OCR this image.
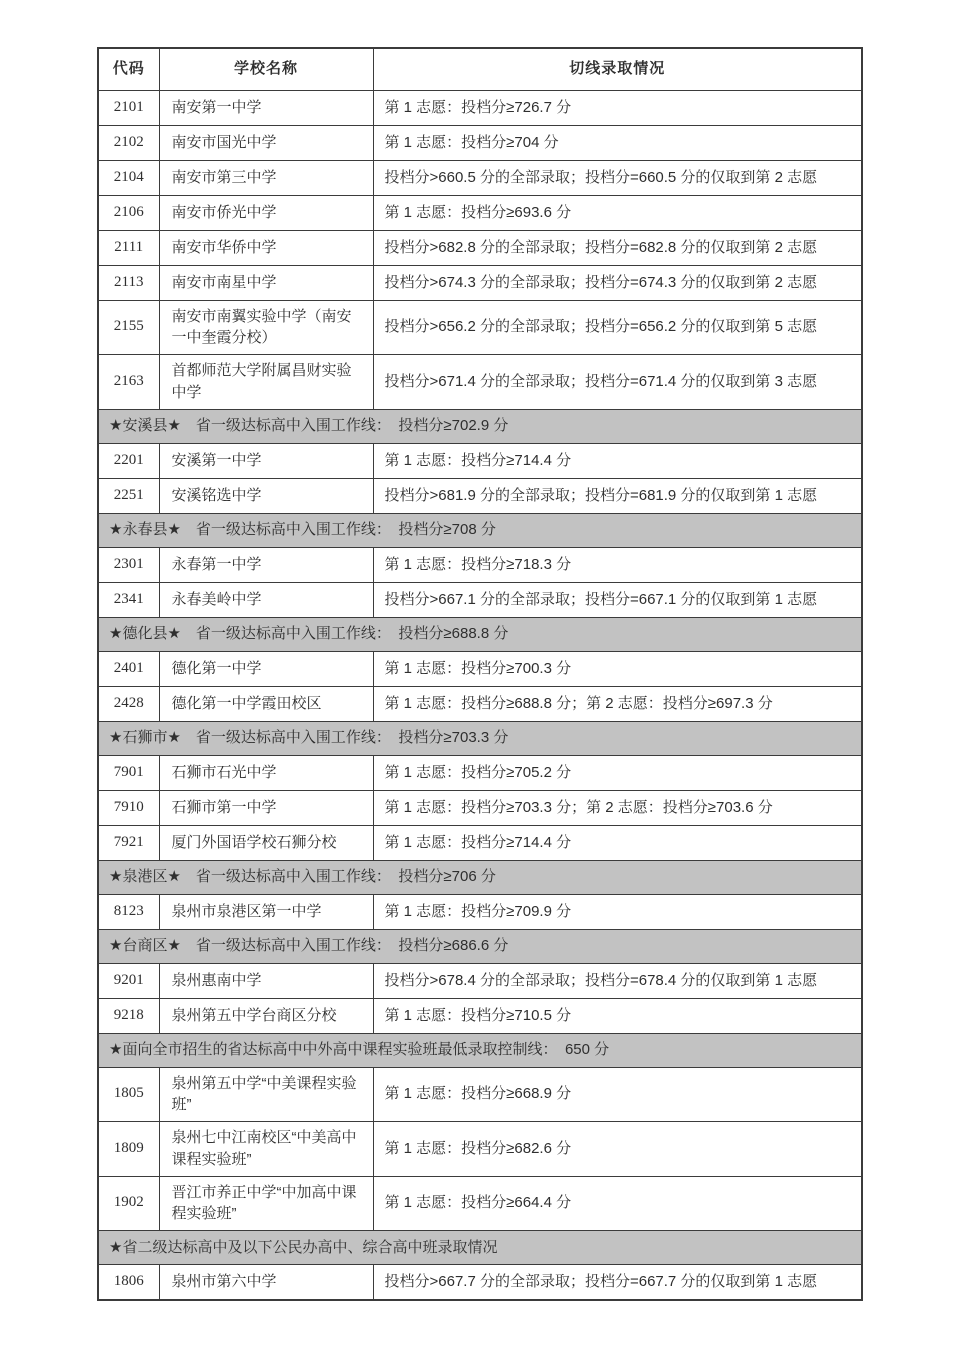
代码	学校名称	切线录取情况
2101	南安第一中学	第 1 志愿：投档分≥726.7 分
2102	南安市国光中学	第 1 志愿：投档分≥704 分
2104	南安市第三中学	投档分>660.5 分的全部录取；投档分=660.5 分的仅取到第 2 志愿
2106	南安市侨光中学	第 1 志愿：投档分≥693.6 分
2111	南安市华侨中学	投档分>682.8 分的全部录取；投档分=682.8 分的仅取到第 2 志愿
2113	南安市南星中学	投档分>674.3 分的全部录取；投档分=674.3 分的仅取到第 2 志愿
2155	南安市南翼实验中学（南安一中奎霞分校）	投档分>656.2 分的全部录取；投档分=656.2 分的仅取到第 5 志愿
2163	首都师范大学附属昌财实验中学	投档分>671.4 分的全部录取；投档分=671.4 分的仅取到第 3 志愿
★安溪县★　省一级达标高中入围工作线：　投档分≥702.9 分		
2201	安溪第一中学	第 1 志愿：投档分≥714.4 分
2251	安溪铭选中学	投档分>681.9 分的全部录取；投档分=681.9 分的仅取到第 1 志愿
★永春县★　省一级达标高中入围工作线：　投档分≥708 分		
2301	永春第一中学	第 1 志愿：投档分≥718.3 分
2341	永春美岭中学	投档分>667.1 分的全部录取；投档分=667.1 分的仅取到第 1 志愿
★德化县★　省一级达标高中入围工作线：　投档分≥688.8 分		
2401	德化第一中学	第 1 志愿：投档分≥700.3 分
2428	德化第一中学霞田校区	第 1 志愿：投档分≥688.8 分；第 2 志愿：投档分≥697.3 分
★石狮市★　省一级达标高中入围工作线：　投档分≥703.3 分		
7901	石狮市石光中学	第 1 志愿：投档分≥705.2 分
7910	石狮市第一中学	第 1 志愿：投档分≥703.3 分；第 2 志愿：投档分≥703.6 分
7921	厦门外国语学校石狮分校	第 1 志愿：投档分≥714.4 分
★泉港区★　省一级达标高中入围工作线：　投档分≥706 分		
8123	泉州市泉港区第一中学	第 1 志愿：投档分≥709.9 分
★台商区★　省一级达标高中入围工作线：　投档分≥686.6 分		
9201	泉州惠南中学	投档分>678.4 分的全部录取；投档分=678.4 分的仅取到第 1 志愿
9218	泉州第五中学台商区分校	第 1 志愿：投档分≥710.5 分
★面向全市招生的省达标高中中外高中课程实验班最低录取控制线：　650 分		
1805	泉州第五中学“中美课程实验班”	第 1 志愿：投档分≥668.9 分
1809	泉州七中江南校区“中美高中课程实验班”	第 1 志愿：投档分≥682.6 分
1902	晋江市养正中学“中加高中课程实验班”	第 1 志愿：投档分≥664.4 分
★省二级达标高中及以下公民办高中、综合高中班录取情况		
1806	泉州市第六中学	投档分>667.7 分的全部录取；投档分=667.7 分的仅取到第 1 志愿
